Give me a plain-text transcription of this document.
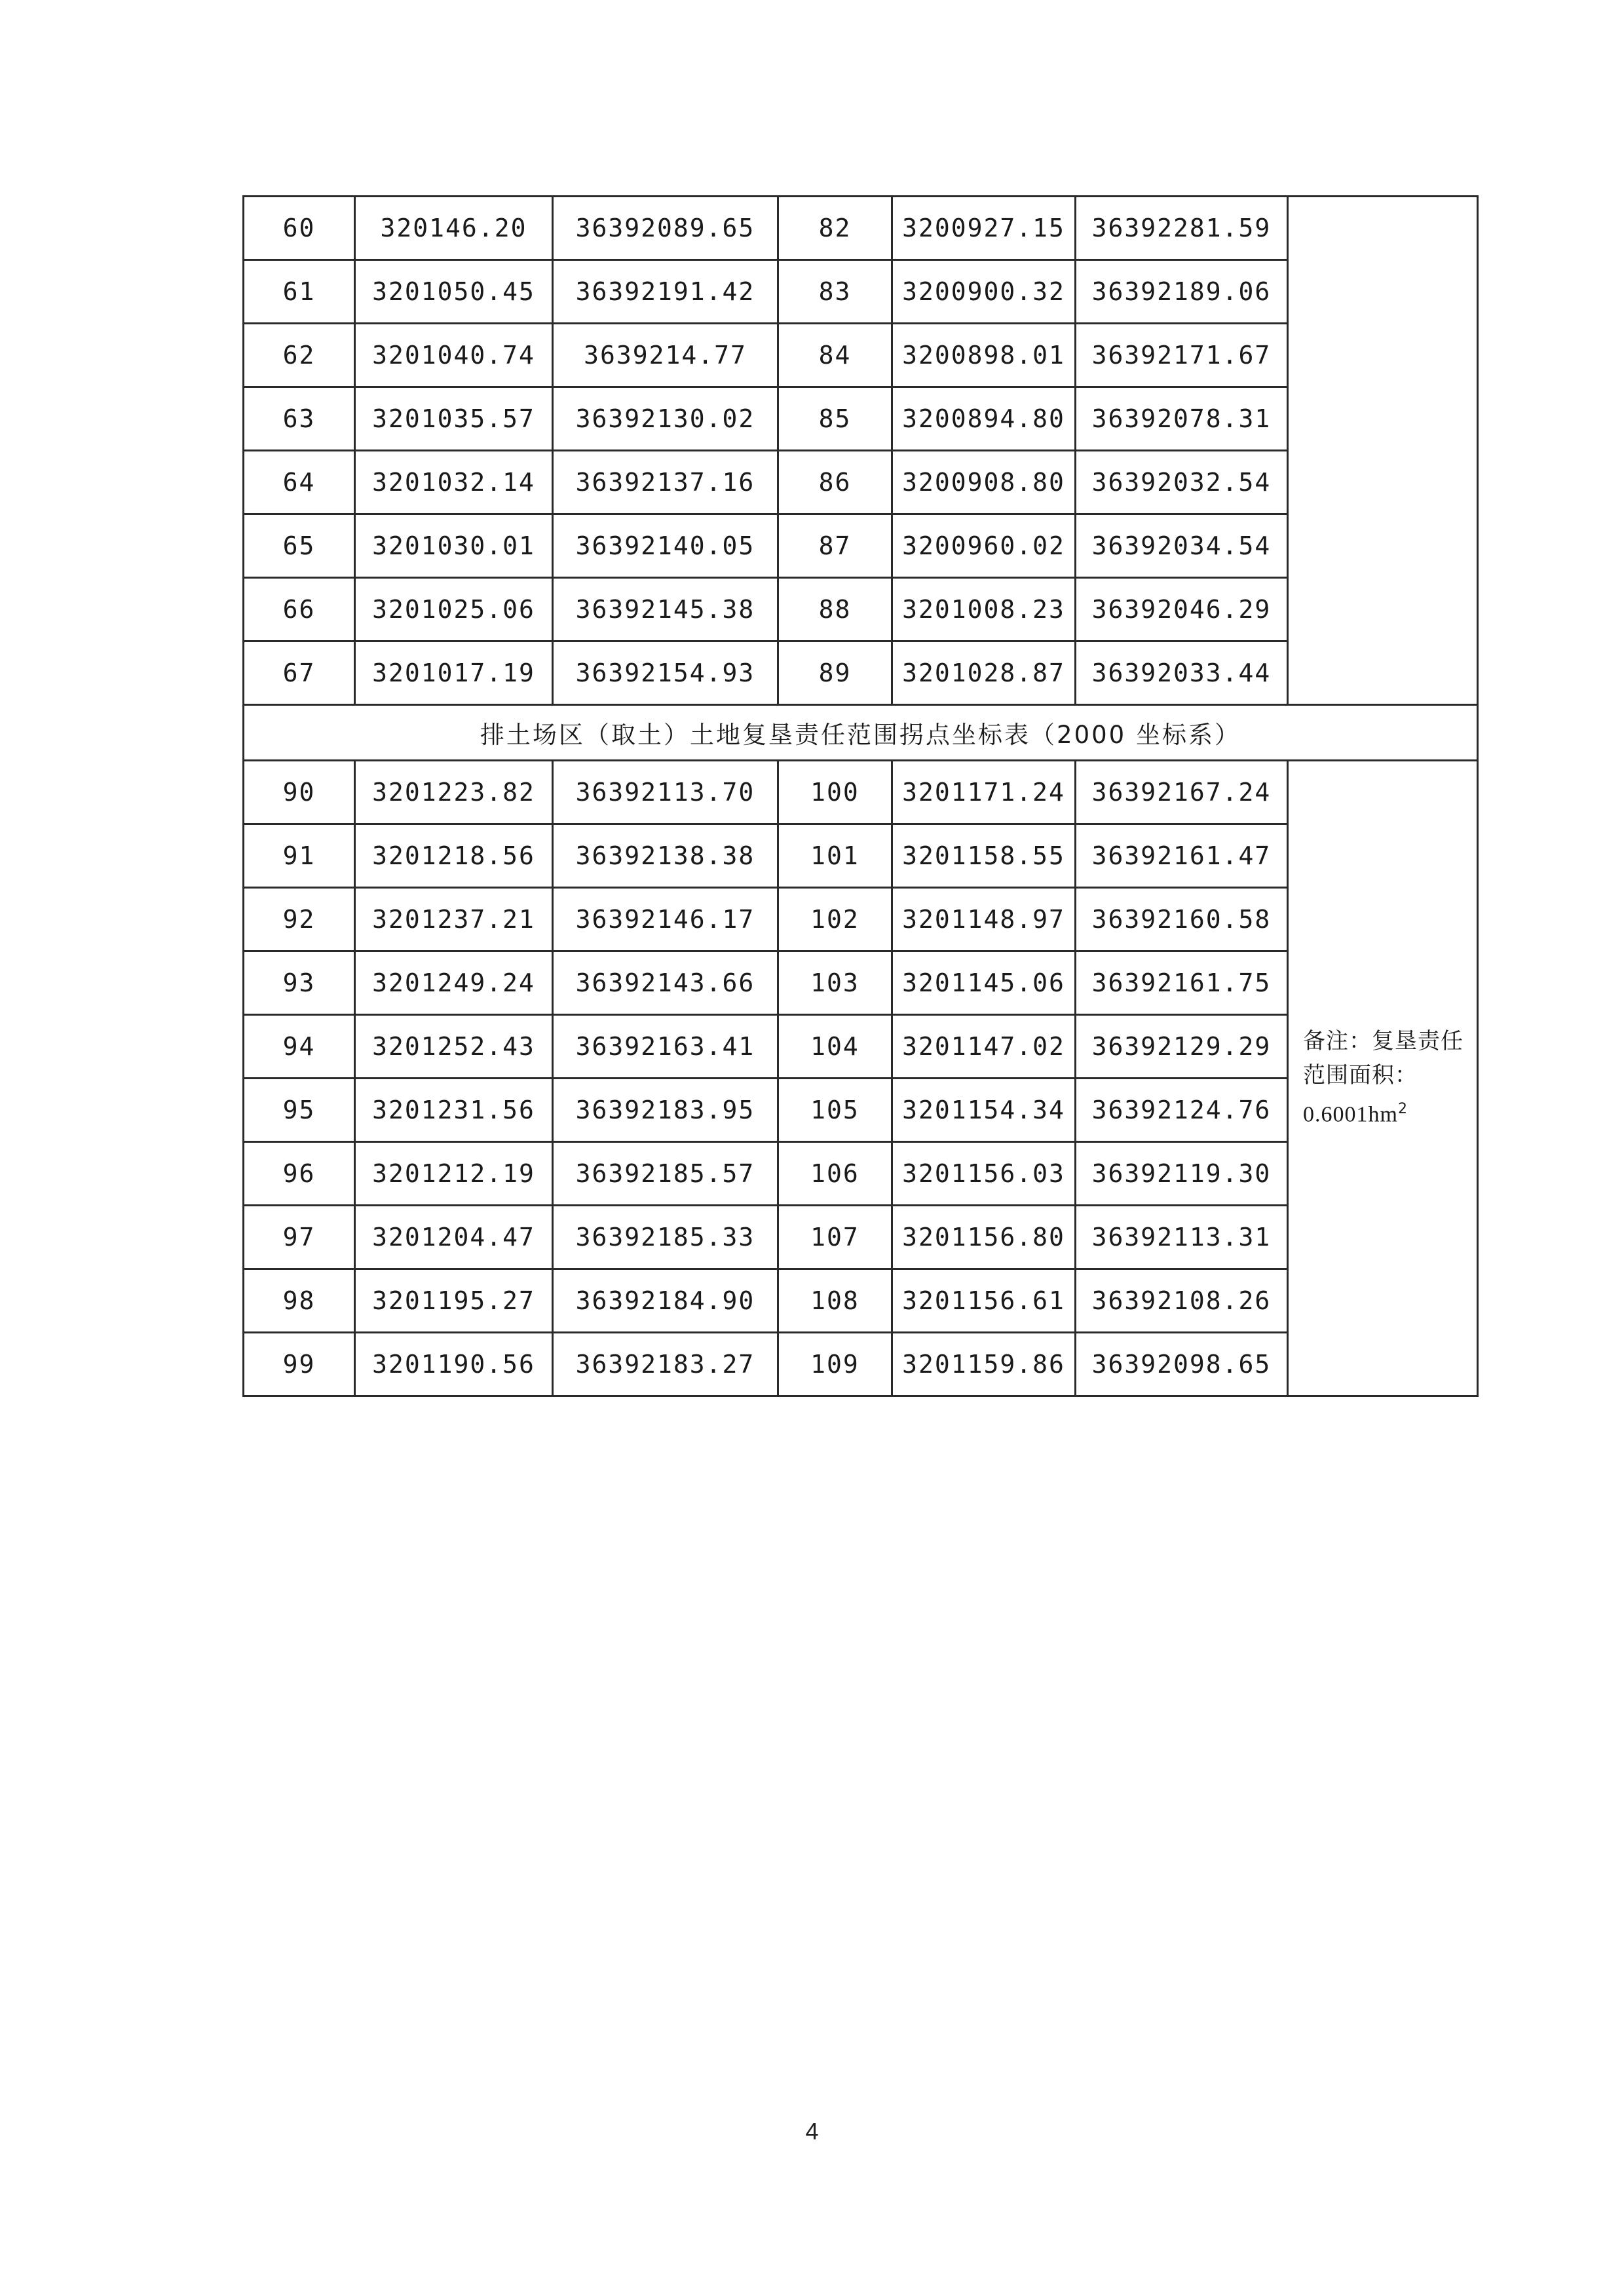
60	320146.20	36392089.65	82	3200927.15	36392281.59	
61	3201050.45	36392191.42	83	3200900.32	36392189.06	
62	3201040.74	3639214.77	84	3200898.01	36392171.67	
63	3201035.57	36392130.02	85	3200894.80	36392078.31	
64	3201032.14	36392137.16	86	3200908.80	36392032.54	
65	3201030.01	36392140.05	87	3200960.02	36392034.54	
66	3201025.06	36392145.38	88	3201008.23	36392046.29	
67	3201017.19	36392154.93	89	3201028.87	36392033.44	
排土场区（取土）土地复垦责任范围拐点坐标表（2000 坐标系）						
90	3201223.82	36392113.70	100	3201171.24	36392167.24	备注：复垦责任范围面积：
$0.6001hm^2$
91	3201218.56	36392138.38	101	3201158.55	36392161.47	
92	3201237.21	36392146.17	102	3201148.97	36392160.58	
93	3201249.24	36392143.66	103	3201145.06	36392161.75	
94	3201252.43	36392163.41	104	3201147.02	36392129.29	
95	3201231.56	36392183.95	105	3201154.34	36392124.76	
96	3201212.19	36392185.57	106	3201156.03	36392119.30	
97	3201204.47	36392185.33	107	3201156.80	36392113.31	
98	3201195.27	36392184.90	108	3201156.61	36392108.26	
99	3201190.56	36392183.27	109	3201159.86	36392098.65	
4
